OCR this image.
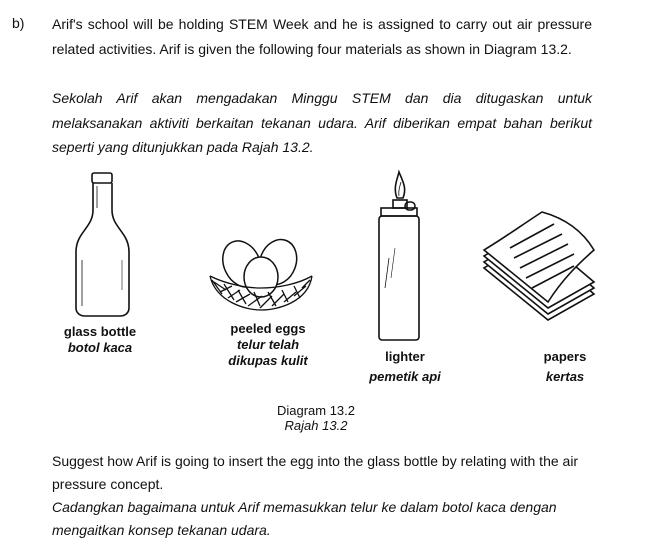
b) Arif's school will be holding STEM Week and he is assigned to carry out air pressure related activities. Arif is given the following four materials as shown in Diagram 13.2.

Sekolah Arif akan mengadakan Minggu STEM dan dia ditugaskan untuk melaksanakan aktiviti berkaitan tekanan udara. Arif diberikan empat bahan berikut seperti yang ditunjukkan pada Rajah 13.2.

glass bottle
botol kaca
peeled eggs
telur telah
dikupas kulit	lighter
pemetik api
papers
kertas
Diagram 13.2
Rajah 13.2

Suggest how Arif is going to insert the egg into the glass bottle by relating with the air pressure concept.

Cadangkan bagaimana untuk Arif memasukkan telur ke dalam botol kaca dengan mengaitkan konsep tekanan udara.
